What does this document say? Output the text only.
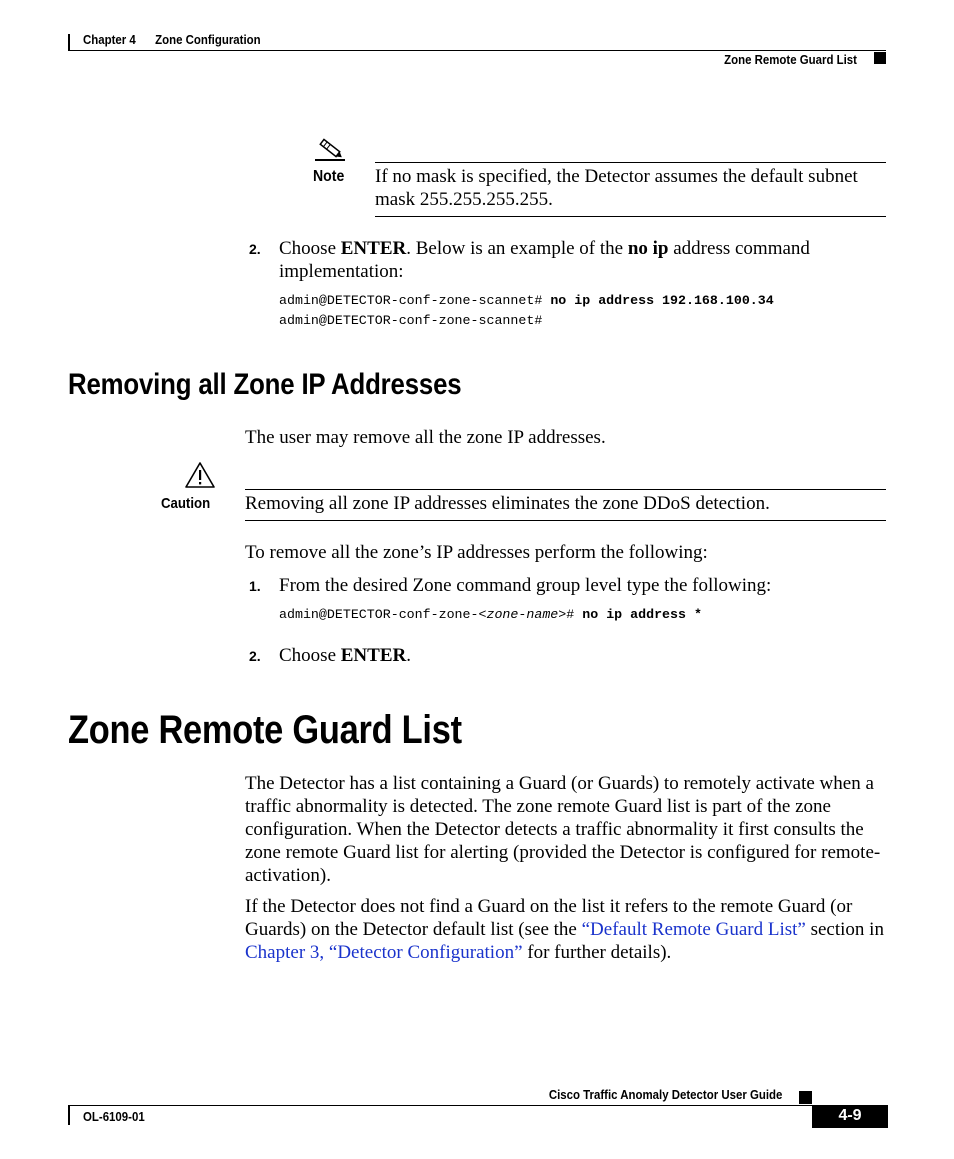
Chapter 4 Zone Configuration
Zone Remote Guard List
Note If no mask is specified, the Detector assumes the default subnet mask 255.255.255.255.
2. Choose ENTER. Below is an example of the no ip address command implementation:
admin@DETECTOR-conf-zone-scannet# no ip address 192.168.100.34
admin@DETECTOR-conf-zone-scannet#
Removing all Zone IP Addresses
The user may remove all the zone IP addresses.
Caution Removing all zone IP addresses eliminates the zone DDoS detection.
To remove all the zone’s IP addresses perform the following:
1. From the desired Zone command group level type the following:
admin@DETECTOR-conf-zone-<zone-name># no ip address *
2. Choose ENTER.
Zone Remote Guard List
The Detector has a list containing a Guard (or Guards) to remotely activate when a traffic abnormality is detected. The zone remote Guard list is part of the zone configuration. When the Detector detects a traffic abnormality it first consults the zone remote Guard list for alerting (provided the Detector is configured for remote-activation).
If the Detector does not find a Guard on the list it refers to the remote Guard (or Guards) on the Detector default list (see the “Default Remote Guard List” section in Chapter 3, “Detector Configuration” for further details).
Cisco Traffic Anomaly Detector User Guide
OL-6109-01	4-9
